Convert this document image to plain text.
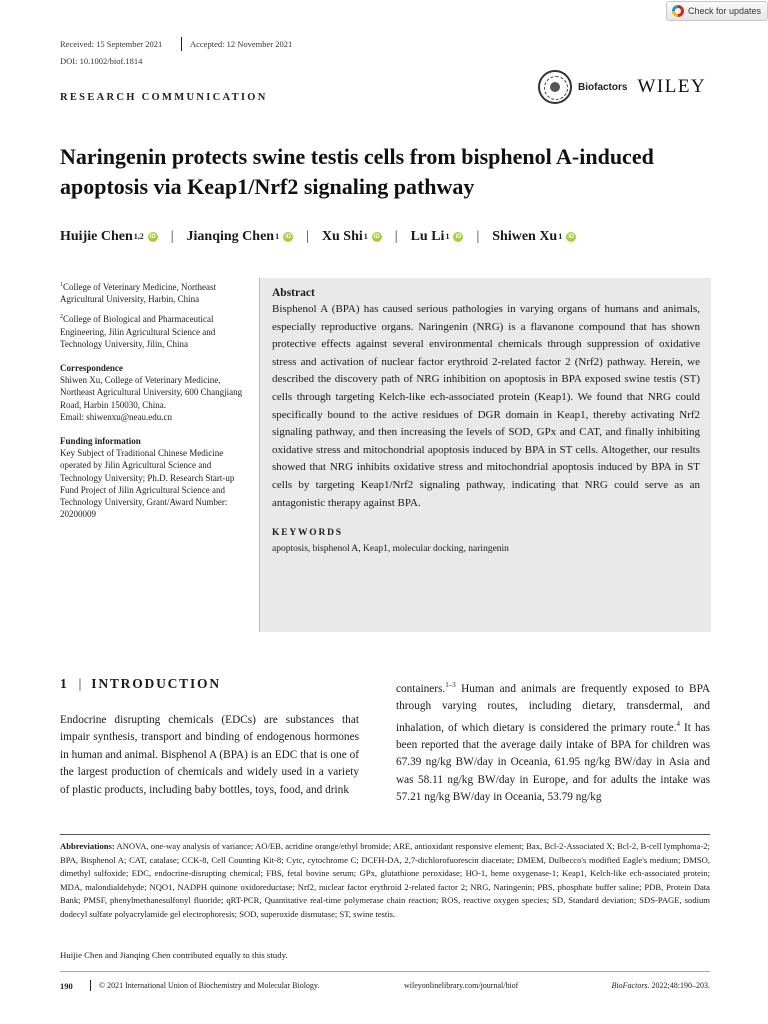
Check for updates
Received: 15 September 2021	Accepted: 12 November 2021
DOI: 10.1002/biof.1814
RESEARCH COMMUNICATION
Biofactors WILEY
Naringenin protects swine testis cells from bisphenol A-induced apoptosis via Keap1/Nrf2 signaling pathway
Huijie Chen$^{1,2}$	iD | Jianqing Chen$^1$	iD | Xu Shi$^1$	iD | Lu Li$^1$	iD | Shiwen Xu$^1$	iD
$^1$College of Veterinary Medicine, Northeast Agricultural University, Harbin, China
$^2$College of Biological and Pharmaceutical Engineering, Jilin Agricultural Science and Technology University, Jilin, China
Correspondence
Shiwen Xu, College of Veterinary Medicine, Northeast Agricultural University, 600 Changjiang Road, Harbin 150030, China.
Email: shiwenxu@neau.edu.cn
Funding information
Key Subject of Traditional Chinese Medicine operated by Jilin Agricultural Science and Technology University; Ph.D. Research Start-up Fund Project of Jilin Agricultural Science and Technology University, Grant/Award Number: 20200009
Abstract
Bisphenol A (BPA) has caused serious pathologies in varying organs of humans and animals, especially reproductive organs. Naringenin (NRG) is a flavanone compound that has shown protective effects against several environmental chemicals through suppression of oxidative stress and activation of nuclear factor erythroid 2-related factor 2 (Nrf2) pathway. Herein, we described the discovery path of NRG inhibition on apoptosis in BPA exposed swine testis (ST) cells through targeting Kelch-like ech-associated protein (Keap1). We found that NRG could specifically bound to the active residues of DGR domain in Keap1, thereby activating Nrf2 signaling pathway, and then increasing the levels of SOD, GPx and CAT, and finally inhibiting oxidative stress and mitochondrial apoptosis induced by BPA in ST cells. Altogether, our results showed that NRG inhibits oxidative stress and mitochondrial apoptosis induced by BPA in ST cells by targeting Keap1/Nrf2 signaling pathway, indicating that NRG could serve as an antagonistic therapy against BPA.
KEYWORDS
apoptosis, bisphenol A, Keap1, molecular docking, naringenin
1 | INTRODUCTION
Endocrine disrupting chemicals (EDCs) are substances that impair synthesis, transport and binding of endogenous hormones in human and animal. Bisphenol A (BPA) is an EDC that is one of the largest production of chemicals and widely used in a variety of plastic products, including baby bottles, toys, food, and drink
containers.$^{1-3}$ Human and animals are frequently exposed to BPA through varying routes, including dietary, transdermal, and inhalation, of which dietary is considered the primary route.$^4$ It has been reported that the average daily intake of BPA for children was 67.39 ng/kg BW/day in Oceania, 61.95 ng/kg BW/day in Asia and was 58.11 ng/kg BW/day in Europe, and for adults the intake was 57.21 ng/kg BW/day in Oceania, 53.79 ng/kg
Abbreviations: ANOVA, one-way analysis of variance; AO/EB, acridine orange/ethyl bromide; ARE, antioxidant responsive element; Bax, Bcl-2-Associated X; Bcl-2, B-cell lymphoma-2; BPA, Bisphenol A; CAT, catalase; CCK-8, Cell Counting Kit-8; Cytc, cytochrome C; DCFH-DA, 2,7-dichlorofuorescin diacetate; DMEM, Dulbecco's modified Eagle's medium; DMSO, dimethyl sulfoxide; EDC, endocrine-disrupting chemical; FBS, fetal bovine serum; GPx, glutathione peroxidase; HO-1, heme oxygenase-1; Keap1, Kelch-like ech-associated protein; MDA, malondialdehyde; NQO1, NADPH quinone oxidoreductase; Nrf2, nuclear factor erythroid 2-related factor 2; NRG, Naringenin; PBS, phosphate buffer saline; PDB, Protein Data Bank; PMSF, phenylmethanesulfonyl fluoride; qRT-PCR, Quantitative real-time polymerase chain reaction; ROS, reactive oxygen species; SD, Standard deviation; SDS-PAGE, sodium dodecyl sulfate polyacrylamide gel electrophoresis; SOD, superoxide dismutase; ST, swine testis.
Huijie Chen and Jianqing Chen contributed equally to this study.
190	© 2021 International Union of Biochemistry and Molecular Biology.	wileyonlinelibrary.com/journal/biof	BioFactors. 2022;48:190–203.
